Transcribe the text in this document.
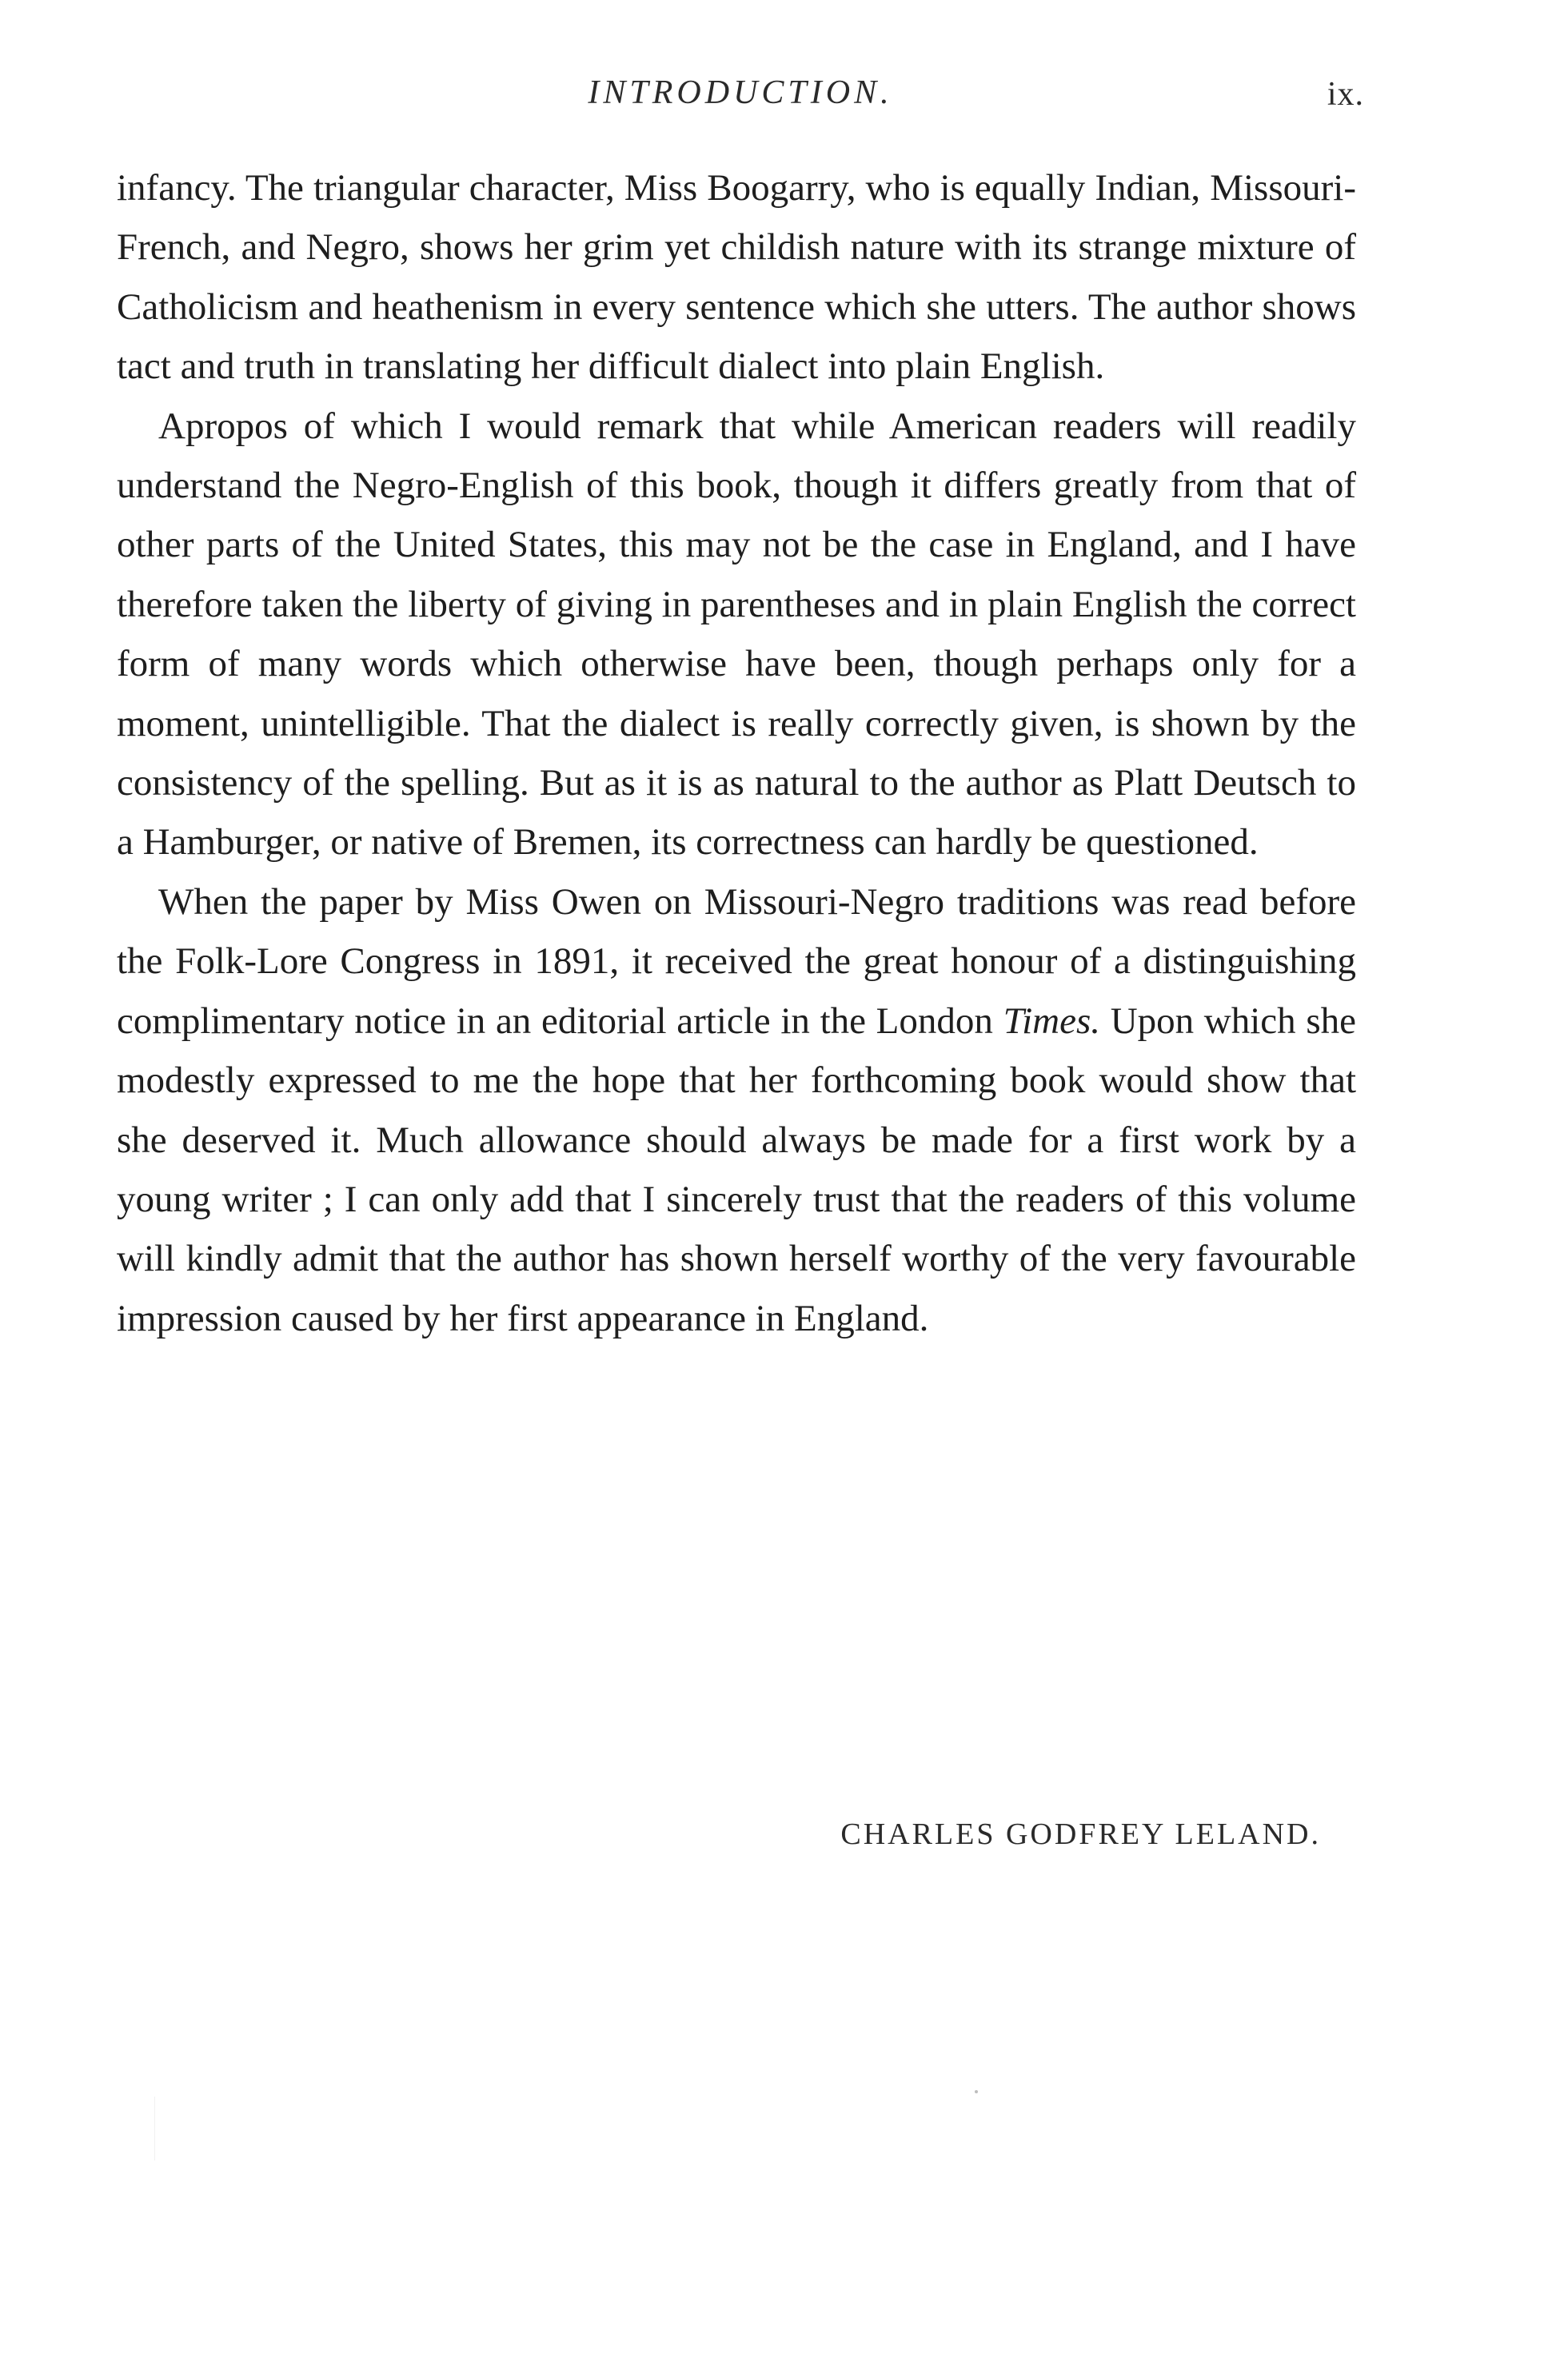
INTRODUCTION.	ix.

infancy. The triangular character, Miss Boogarry, who is equally Indian, Missouri-French, and Negro, shows her grim yet childish nature with its strange mixture of Catholicism and heathenism in every sentence which she utters. The author shows tact and truth in translating her difficult dialect into plain English.

Apropos of which I would remark that while American readers will readily understand the Negro-English of this book, though it differs greatly from that of other parts of the United States, this may not be the case in England, and I have therefore taken the liberty of giving in parentheses and in plain English the correct form of many words which otherwise have been, though perhaps only for a moment, unintelligible. That the dialect is really correctly given, is shown by the consistency of the spelling. But as it is as natural to the author as Platt Deutsch to a Hamburger, or native of Bremen, its correctness can hardly be questioned.

When the paper by Miss Owen on Missouri-Negro traditions was read before the Folk-Lore Congress in 1891, it received the great honour of a distinguishing complimentary notice in an editorial article in the London Times. Upon which she modestly expressed to me the hope that her forthcoming book would show that she deserved it. Much allowance should always be made for a first work by a young writer ; I can only add that I sincerely trust that the readers of this volume will kindly admit that the author has shown herself worthy of the very favourable impression caused by her first appearance in England.

CHARLES GODFREY LELAND.
